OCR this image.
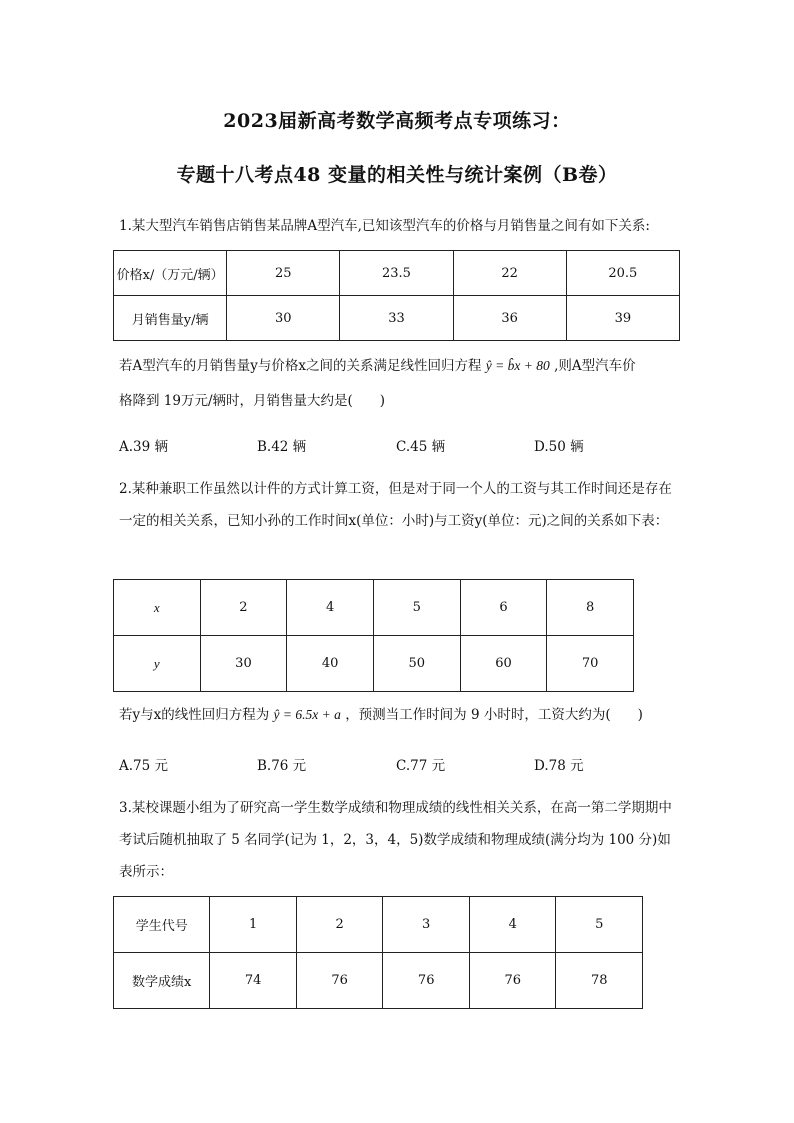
2023届新高考数学高频考点专项练习：
专题十八考点48 变量的相关性与统计案例（B卷）
1.某大型汽车销售店销售某品牌A型汽车,已知该型汽车的价格与月销售量之间有如下关系:
价格x/（万元/辆）	25	23.5	22	20.5
月销售量y/辆	30	33	36	39
若A型汽车的月销售量y与价格x之间的关系满足线性回归方程 ŷ = b̂x + 80 ,则A型汽车价
格降到 19万元/辆时，月销售量大约是(　　)
A.39 辆	B.42 辆	C.45 辆	D.50 辆
2.某种兼职工作虽然以计件的方式计算工资，但是对于同一个人的工资与其工作时间还是存在一定的相关关系，已知小孙的工作时间x(单位：小时)与工资y(单位：元)之间的关系如下表：
x	2	4	5	6	8
y	30	40	50	60	70
若y与x的线性回归方程为 ŷ = 6.5x + a ，预测当工作时间为 9 小时时，工资大约为(　　)
A.75 元	B.76 元	C.77 元	D.78 元
3.某校课题小组为了研究高一学生数学成绩和物理成绩的线性相关关系，在高一第二学期期中考试后随机抽取了 5 名同学(记为 1，2，3，4，5)数学成绩和物理成绩(满分均为 100 分)如表所示：
学生代号	1	2	3	4	5
数学成绩x	74	76	76	76	78
